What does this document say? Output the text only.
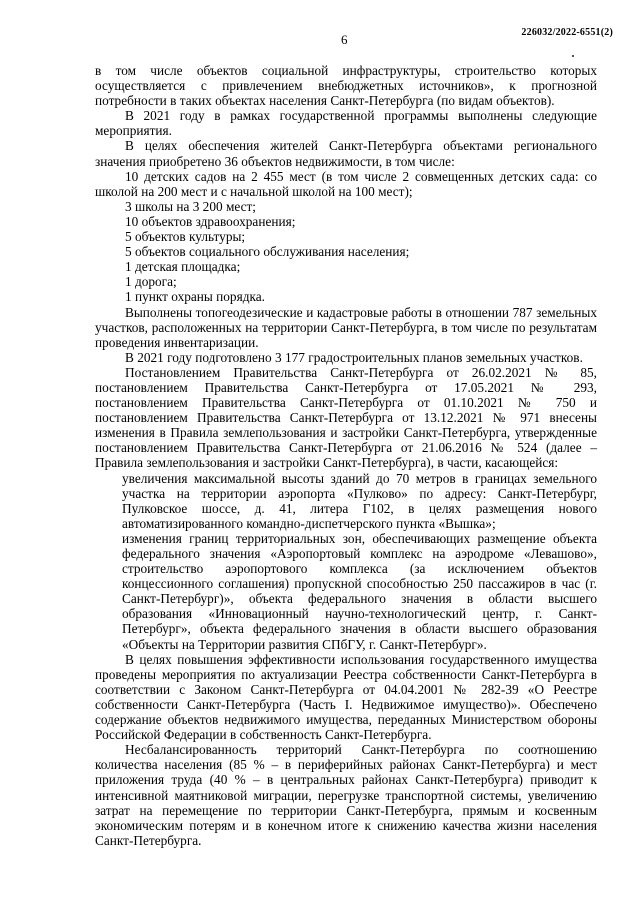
6	226032/2022-6551(2)

в том числе объектов социальной инфраструктуры, строительство которых осуществляется с привлечением внебюджетных источников», к прогнозной потребности в таких объектах населения Санкт-Петербурга (по видам объектов).

В 2021 году в рамках государственной программы выполнены следующие мероприятия.

В целях обеспечения жителей Санкт-Петербурга объектами регионального значения приобретено 36 объектов недвижимости, в том числе:

10 детских садов на 2 455 мест (в том числе 2 совмещенных детских сада: со школой на 200 мест и с начальной школой на 100 мест);

3 школы на 3 200 мест;

10 объектов здравоохранения;

5 объектов культуры;

5 объектов социального обслуживания населения;

1 детская площадка;

1 дорога;

1 пункт охраны порядка.

Выполнены топогеодезические и кадастровые работы в отношении 787 земельных участков, расположенных на территории Санкт-Петербурга, в том числе по результатам проведения инвентаризации.

В 2021 году подготовлено 3 177 градостроительных планов земельных участков.

Постановлением Правительства Санкт-Петербурга от 26.02.2021 № 85, постановлением Правительства Санкт-Петербурга от 17.05.2021 № 293, постановлением Правительства Санкт-Петербурга от 01.10.2021 № 750 и постановлением Правительства Санкт-Петербурга от 13.12.2021 № 971 внесены изменения в Правила землепользования и застройки Санкт-Петербурга, утвержденные постановлением Правительства Санкт-Петербурга от 21.06.2016 № 524 (далее – Правила землепользования и застройки Санкт-Петербурга), в части, касающейся:

увеличения максимальной высоты зданий до 70 метров в границах земельного участка на территории аэропорта «Пулково» по адресу: Санкт-Петербург, Пулковское шоссе, д. 41, литера Г102, в целях размещения нового автоматизированного командно-диспетчерского пункта «Вышка»;

изменения границ территориальных зон, обеспечивающих размещение объекта федерального значения «Аэропортовый комплекс на аэродроме «Левашово», строительство аэропортового комплекса (за исключением объектов концессионного соглашения) пропускной способностью 250 пассажиров в час (г. Санкт-Петербург)», объекта федерального значения в области высшего образования «Инновационный научно-технологический центр, г. Санкт-Петербург», объекта федерального значения в области высшего образования «Объекты на Территории развития СПбГУ, г. Санкт-Петербург».

В целях повышения эффективности использования государственного имущества проведены мероприятия по актуализации Реестра собственности Санкт-Петербурга в соответствии с Законом Санкт-Петербурга от 04.04.2001 № 282-39 «О Реестре собственности Санкт-Петербурга (Часть I. Недвижимое имущество)». Обеспечено содержание объектов недвижимого имущества, переданных Министерством обороны Российской Федерации в собственность Санкт-Петербурга.

Несбалансированность территорий Санкт-Петербурга по соотношению количества населения (85 % – в периферийных районах Санкт-Петербурга) и мест приложения труда (40 % – в центральных районах Санкт-Петербурга) приводит к интенсивной маятниковой миграции, перегрузке транспортной системы, увеличению затрат на перемещение по территории Санкт-Петербурга, прямым и косвенным экономическим потерям и в конечном итоге к снижению качества жизни населения Санкт-Петербурга.
